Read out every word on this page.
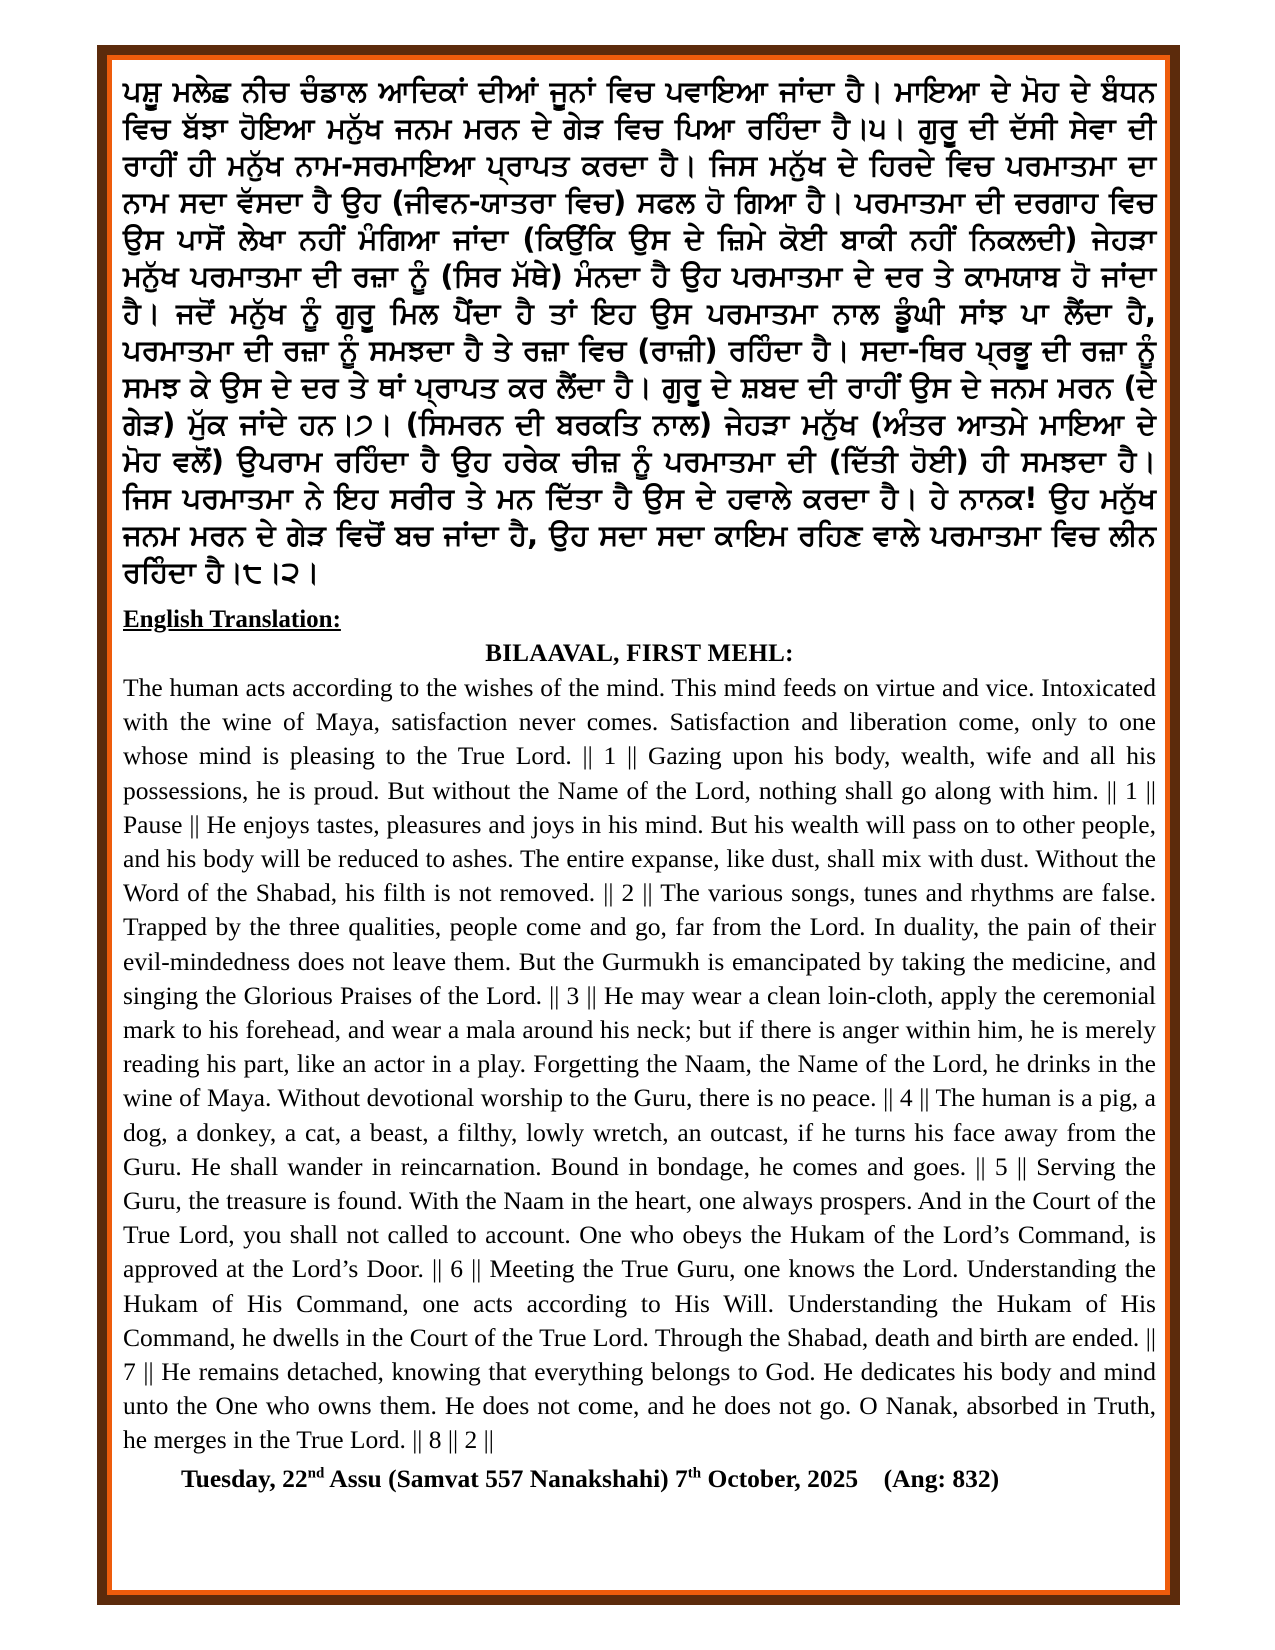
ਪਸ਼ੂ ਮਲੇਛ ਨੀਚ ਚੰਡਾਲ ਆਦਿਕਾਂ ਦੀਆਂ ਜੂਨਾਂ ਵਿਚ ਪਵਾਇਆ ਜਾਂਦਾ ਹੈ। ਮਾਇਆ ਦੇ ਮੋਹ ਦੇ ਬੰਧਨ ਵਿਚ ਬੱਝਾ ਹੋਇਆ ਮਨੁੱਖ ਜਨਮ ਮਰਨ ਦੇ ਗੇੜ ਵਿਚ ਪਿਆ ਰਹਿੰਦਾ ਹੈ।੫। ਗੁਰੂ ਦੀ ਦੱਸੀ ਸੇਵਾ ਦੀ ਰਾਹੀਂ ਹੀ ਮਨੁੱਖ ਨਾਮ-ਸਰਮਾਇਆ ਪ੍ਰਾਪਤ ਕਰਦਾ ਹੈ। ਜਿਸ ਮਨੁੱਖ ਦੇ ਹਿਰਦੇ ਵਿਚ ਪਰਮਾਤਮਾ ਦਾ ਨਾਮ ਸਦਾ ਵੱਸਦਾ ਹੈ ਉਹ (ਜੀਵਨ-ਯਾਤਰਾ ਵਿਚ) ਸਫਲ ਹੋ ਗਿਆ ਹੈ। ਪਰਮਾਤਮਾ ਦੀ ਦਰਗਾਹ ਵਿਚ ਉਸ ਪਾਸੋਂ ਲੇਖਾ ਨਹੀਂ ਮੰਗਿਆ ਜਾਂਦਾ (ਕਿਉਂਕਿ ਉਸ ਦੇ ਜ਼ਿਮੇ ਕੋਈ ਬਾਕੀ ਨਹੀਂ ਨਿਕਲਦੀ) ਜੇਹੜਾ ਮਨੁੱਖ ਪਰਮਾਤਮਾ ਦੀ ਰਜ਼ਾ ਨੂੰ (ਸਿਰ ਮੱਥੇ) ਮੰਨਦਾ ਹੈ ਉਹ ਪਰਮਾਤਮਾ ਦੇ ਦਰ ਤੇ ਕਾਮਯਾਬ ਹੋ ਜਾਂਦਾ ਹੈ। ਜਦੋਂ ਮਨੁੱਖ ਨੂੰ ਗੁਰੂ ਮਿਲ ਪੈਂਦਾ ਹੈ ਤਾਂ ਇਹ ਉਸ ਪਰਮਾਤਮਾ ਨਾਲ ਡੂੰਘੀ ਸਾਂਝ ਪਾ ਲੈਂਦਾ ਹੈ, ਪਰਮਾਤਮਾ ਦੀ ਰਜ਼ਾ ਨੂੰ ਸਮਝਦਾ ਹੈ ਤੇ ਰਜ਼ਾ ਵਿਚ (ਰਾਜ਼ੀ) ਰਹਿੰਦਾ ਹੈ। ਸਦਾ-ਥਿਰ ਪ੍ਰਭੂ ਦੀ ਰਜ਼ਾ ਨੂੰ ਸਮਝ ਕੇ ਉਸ ਦੇ ਦਰ ਤੇ ਥਾਂ ਪ੍ਰਾਪਤ ਕਰ ਲੈਂਦਾ ਹੈ। ਗੁਰੂ ਦੇ ਸ਼ਬਦ ਦੀ ਰਾਹੀਂ ਉਸ ਦੇ ਜਨਮ ਮਰਨ (ਦੇ ਗੇੜ) ਮੁੱਕ ਜਾਂਦੇ ਹਨ।੭। (ਸਿਮਰਨ ਦੀ ਬਰਕਤਿ ਨਾਲ) ਜੇਹੜਾ ਮਨੁੱਖ (ਅੰਤਰ ਆਤਮੇ ਮਾਇਆ ਦੇ ਮੋਹ ਵਲੋਂ) ਉਪਰਾਮ ਰਹਿੰਦਾ ਹੈ ਉਹ ਹਰੇਕ ਚੀਜ਼ ਨੂੰ ਪਰਮਾਤਮਾ ਦੀ (ਦਿੱਤੀ ਹੋਈ) ਹੀ ਸਮਝਦਾ ਹੈ। ਜਿਸ ਪਰਮਾਤਮਾ ਨੇ ਇਹ ਸਰੀਰ ਤੇ ਮਨ ਦਿੱਤਾ ਹੈ ਉਸ ਦੇ ਹਵਾਲੇ ਕਰਦਾ ਹੈ। ਹੇ ਨਾਨਕ! ਉਹ ਮਨੁੱਖ ਜਨਮ ਮਰਨ ਦੇ ਗੇੜ ਵਿਚੋਂ ਬਚ ਜਾਂਦਾ ਹੈ, ਉਹ ਸਦਾ ਸਦਾ ਕਾਇਮ ਰਹਿਣ ਵਾਲੇ ਪਰਮਾਤਮਾ ਵਿਚ ਲੀਨ ਰਹਿੰਦਾ ਹੈ।੮।੨।

English Translation:
BILAAVAL, FIRST MEHL:

The human acts according to the wishes of the mind. This mind feeds on virtue and vice. Intoxicated with the wine of Maya, satisfaction never comes. Satisfaction and liberation come, only to one whose mind is pleasing to the True Lord. || 1 || Gazing upon his body, wealth, wife and all his possessions, he is proud. But without the Name of the Lord, nothing shall go along with him. || 1 || Pause || He enjoys tastes, pleasures and joys in his mind. But his wealth will pass on to other people, and his body will be reduced to ashes. The entire expanse, like dust, shall mix with dust. Without the Word of the Shabad, his filth is not removed. || 2 || The various songs, tunes and rhythms are false. Trapped by the three qualities, people come and go, far from the Lord. In duality, the pain of their evil-mindedness does not leave them. But the Gurmukh is emancipated by taking the medicine, and singing the Glorious Praises of the Lord. || 3 || He may wear a clean loin-cloth, apply the ceremonial mark to his forehead, and wear a mala around his neck; but if there is anger within him, he is merely reading his part, like an actor in a play. Forgetting the Naam, the Name of the Lord, he drinks in the wine of Maya. Without devotional worship to the Guru, there is no peace. || 4 || The human is a pig, a dog, a donkey, a cat, a beast, a filthy, lowly wretch, an outcast, if he turns his face away from the Guru. He shall wander in reincarnation. Bound in bondage, he comes and goes. || 5 || Serving the Guru, the treasure is found. With the Naam in the heart, one always prospers. And in the Court of the True Lord, you shall not called to account. One who obeys the Hukam of the Lord’s Command, is approved at the Lord’s Door. || 6 || Meeting the True Guru, one knows the Lord. Understanding the Hukam of His Command, one acts according to His Will. Understanding the Hukam of His Command, he dwells in the Court of the True Lord. Through the Shabad, death and birth are ended. || 7 || He remains detached, knowing that everything belongs to God. He dedicates his body and mind unto the One who owns them. He does not come, and he does not go. O Nanak, absorbed in Truth, he merges in the True Lord. || 8 || 2 ||

Tuesday, 22nd Assu (Samvat 557 Nanakshahi) 7th October, 2025    (Ang: 832)
